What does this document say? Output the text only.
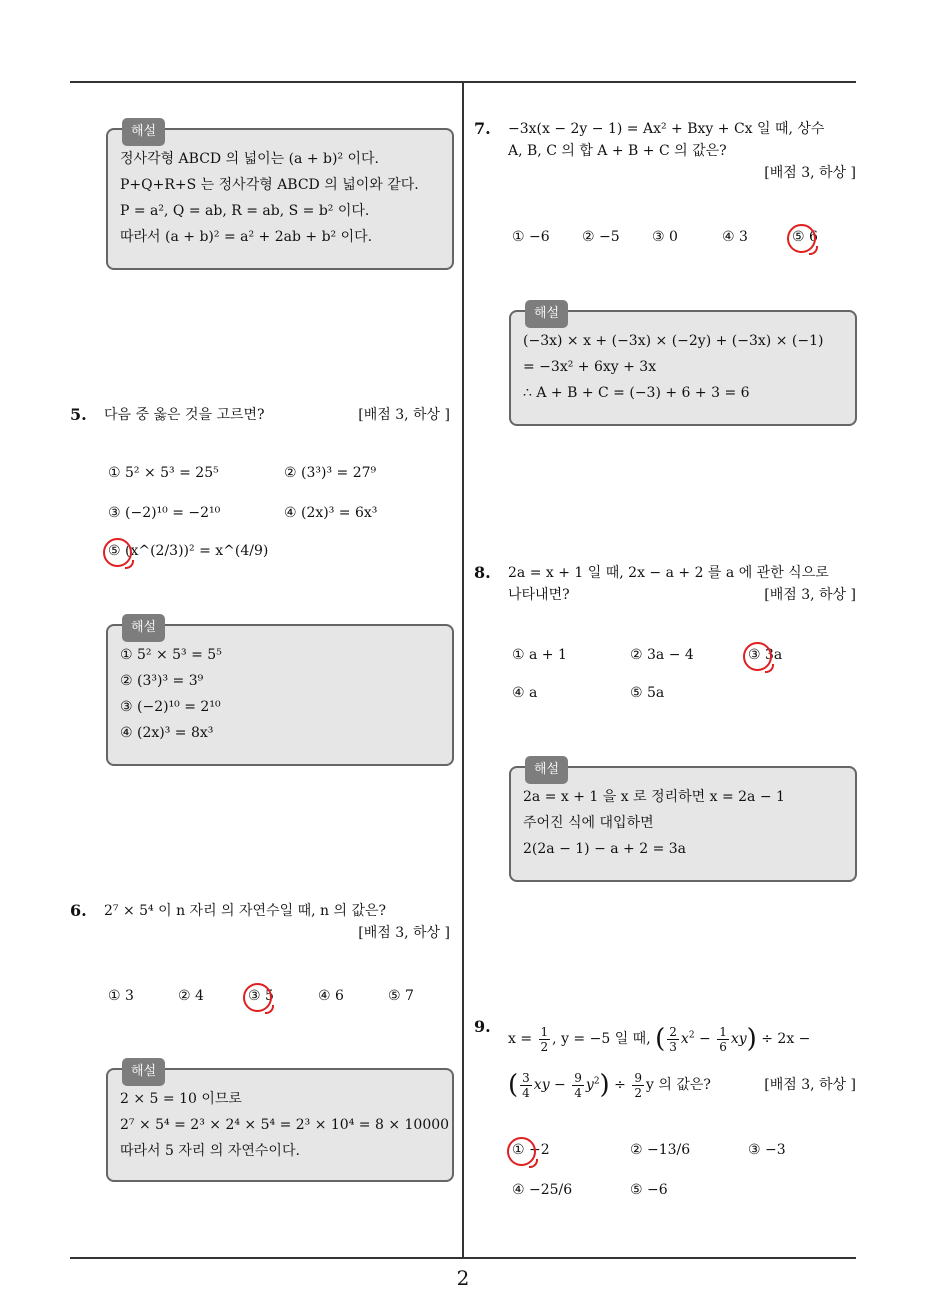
해설
정사각형 ABCD 의 넓이는 (a + b)² 이다.
P+Q+R+S 는 정사각형 ABCD 의 넓이와 같다.
P = a², Q = ab, R = ab, S = b² 이다.
따라서 (a + b)² = a² + 2ab + b² 이다.
5. 다음 중 옳은 것을 고르면?	[배점 3, 하상 ]
① 5² × 5³ = 25⁵	② (3³)³ = 27⁹
③ (−2)¹⁰ = −2¹⁰	④ (2x)³ = 6x³
⑤ (x^(2/3))² = x^(4/9)
해설
① 5² × 5³ = 5⁵
② (3³)³ = 3⁹
③ (−2)¹⁰ = 2¹⁰
④ (2x)³ = 8x³
6. 2⁷ × 5⁴ 이 n 자리 의 자연수일 때, n 의 값은?
[배점 3, 하상 ]
① 3	② 4	③ 5	④ 6	⑤ 7
해설
2 × 5 = 10 이므로
2⁷ × 5⁴ = 2³ × 2⁴ × 5⁴ = 2³ × 10⁴ = 8 × 10000
따라서 5 자리 의 자연수이다.
7. −3x(x − 2y − 1) = Ax² + Bxy + Cx 일 때, 상수
A, B, C 의 합 A + B + C 의 값은?
[배점 3, 하상 ]
① −6 ② −5 ③ 0	④ 3	⑤ 6
해설
(−3x) × x + (−3x) × (−2y) + (−3x) × (−1)
= −3x² + 6xy + 3x
∴ A + B + C = (−3) + 6 + 3 = 6
8. 2a = x + 1 일 때, 2x − a + 2 를 a 에 관한 식으로
나타내면?	[배점 3, 하상 ]
① a + 1	② 3a − 4	③ 3a
④ a	⑤ 5a
해설
2a = x + 1 을 x 로 정리하면 x = 2a − 1
주어진 식에 대입하면
2(2a − 1) − a + 2 = 3a
9.
$x = \frac{1}{2}$ , y = −5 일 때, ( $\frac{2}{3} x^2 - \frac{1}{6} xy) \div 2x$ −
( $\frac{3}{4}$ xy − $\frac{9}{4} y^2) \div \frac{9}{2}$ y 의 값은?	[배점 3, 하상 ]
① −2	② −13/6	③ −3
④ −25/6	⑤ −6
2
